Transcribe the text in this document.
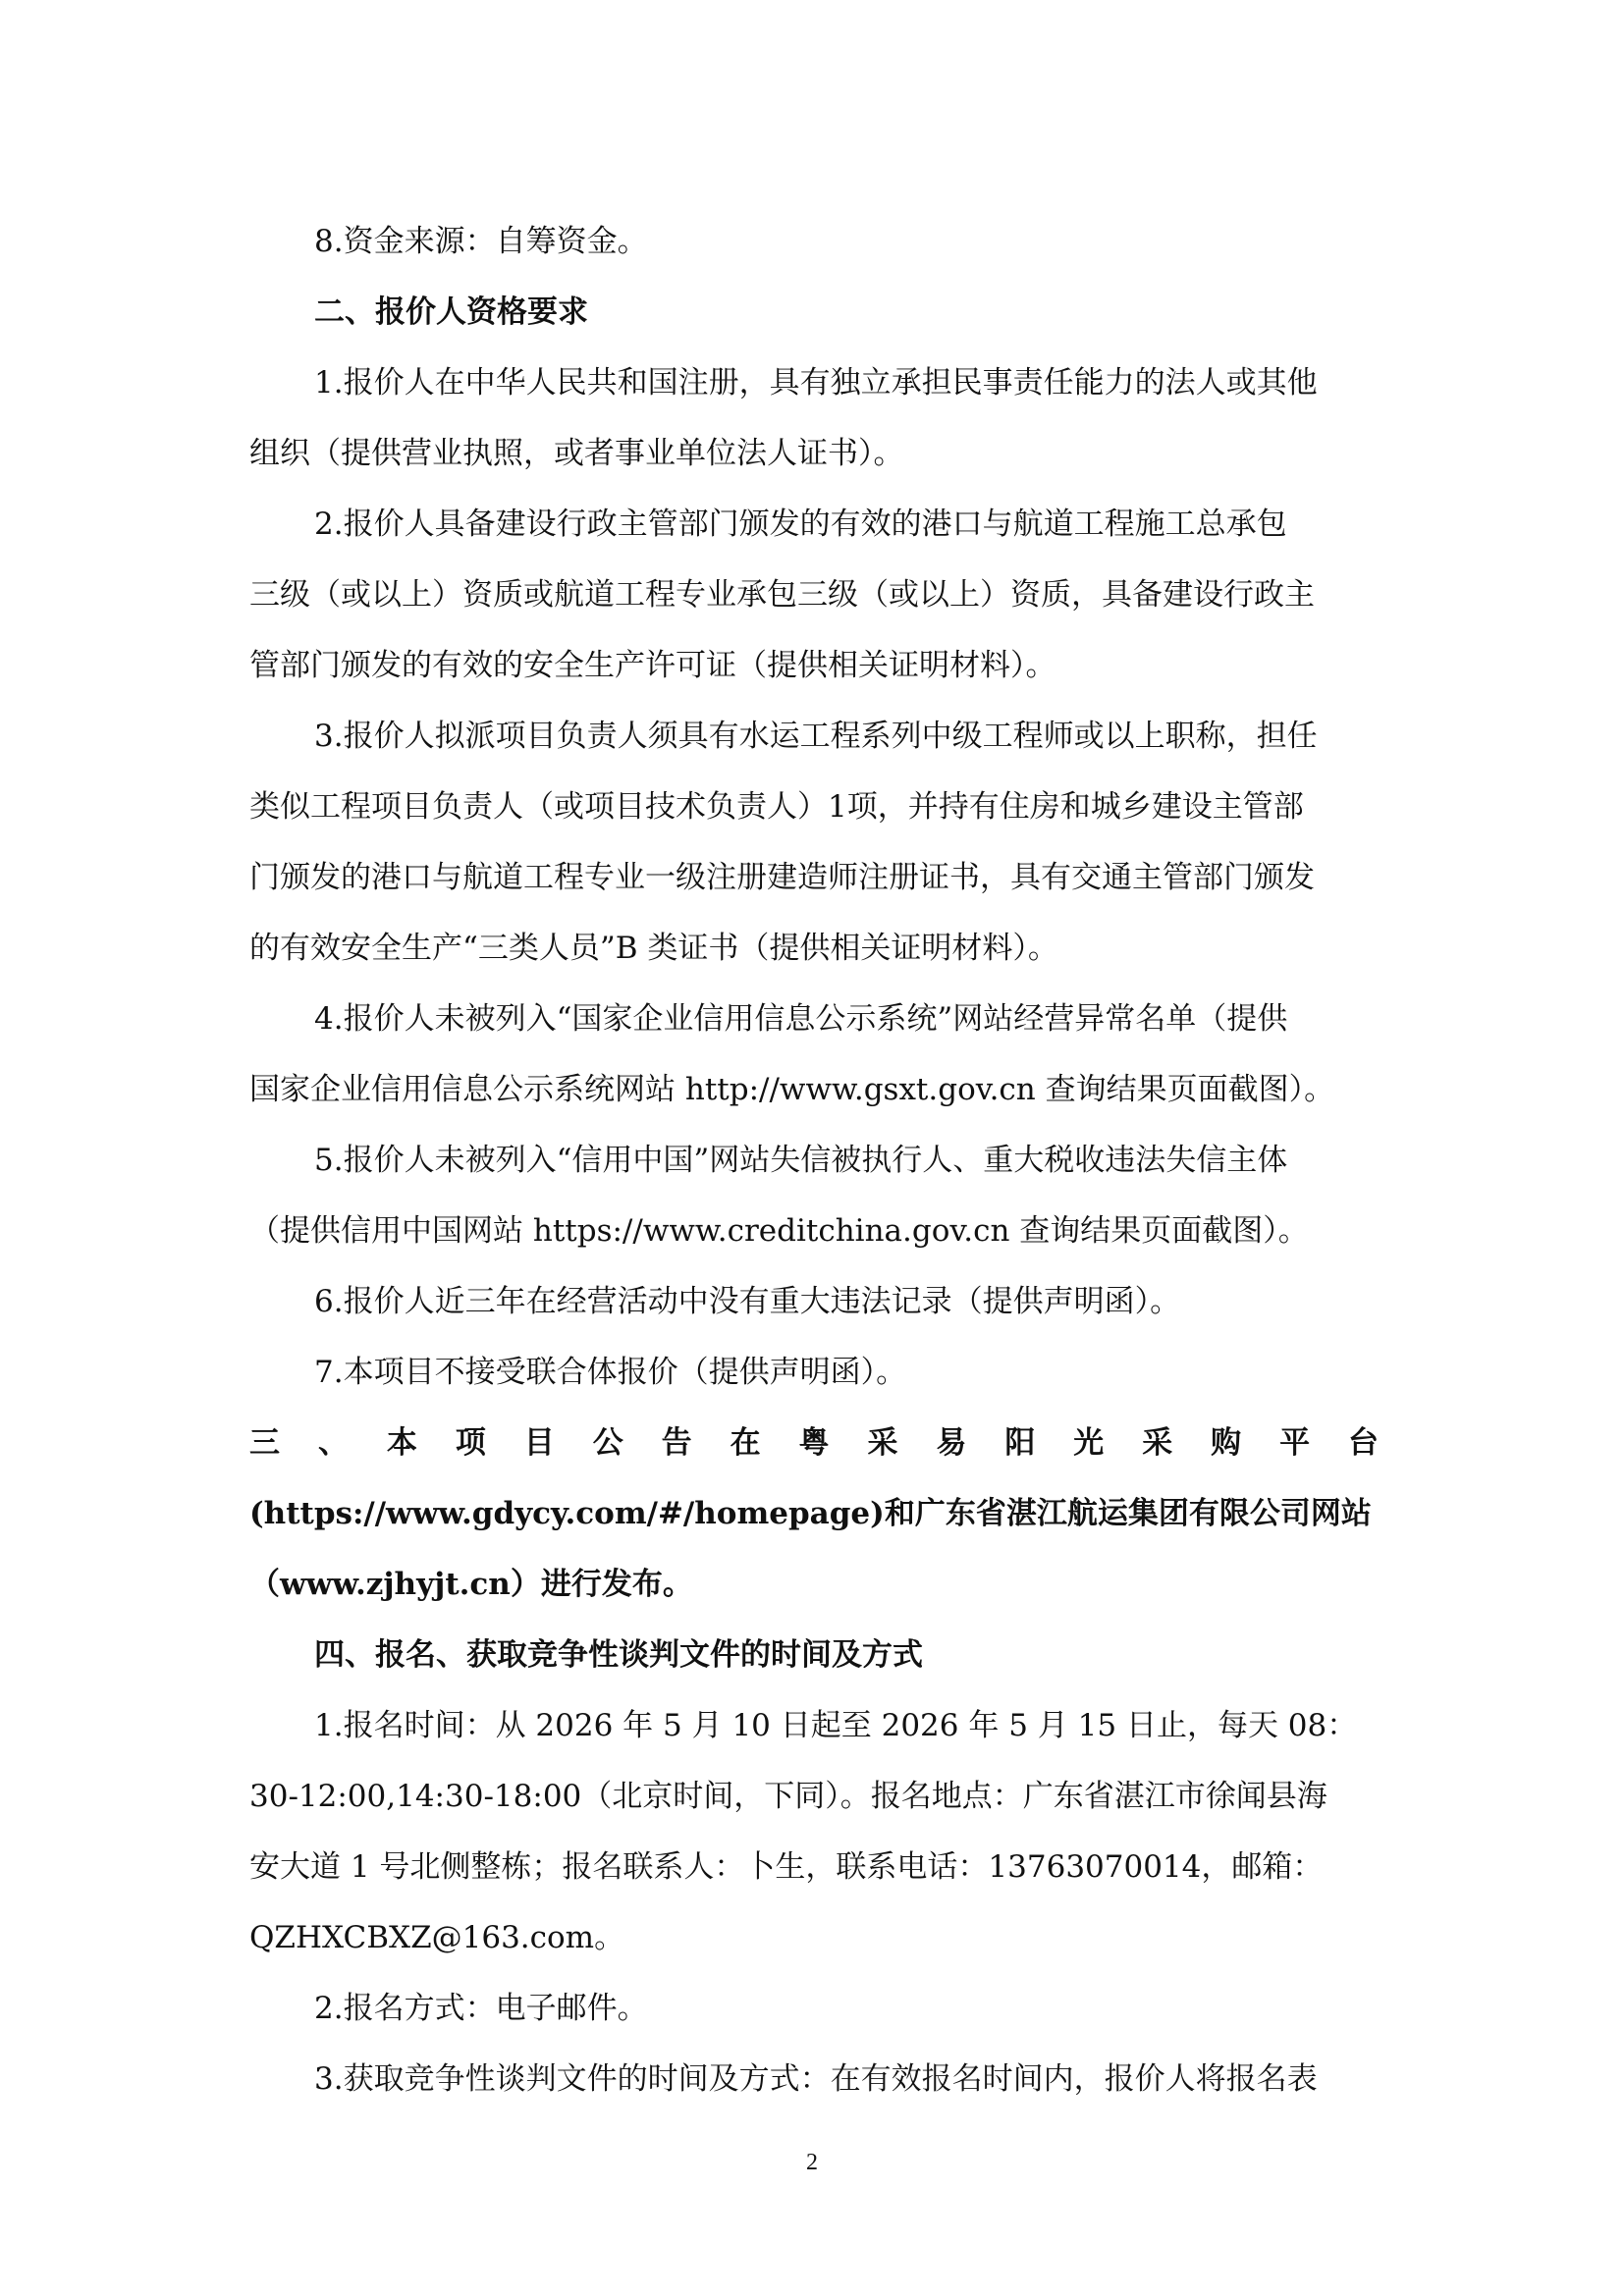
8.资金来源：自筹资金。

二、报价人资格要求

1.报价人在中华人民共和国注册，具有独立承担民事责任能力的法人或其他
组织（提供营业执照，或者事业单位法人证书）。

2.报价人具备建设行政主管部门颁发的有效的港口与航道工程施工总承包
三级（或以上）资质或航道工程专业承包三级（或以上）资质，具备建设行政主
管部门颁发的有效的安全生产许可证（提供相关证明材料）。

3.报价人拟派项目负责人须具有水运工程系列中级工程师或以上职称，担任
类似工程项目负责人（或项目技术负责人）1项，并持有住房和城乡建设主管部
门颁发的港口与航道工程专业一级注册建造师注册证书，具有交通主管部门颁发
的有效安全生产“三类人员”B 类证书（提供相关证明材料）。

4.报价人未被列入“国家企业信用信息公示系统”网站经营异常名单（提供
国家企业信用信息公示系统网站 http://www.gsxt.gov.cn 查询结果页面截图）。

5.报价人未被列入“信用中国”网站失信被执行人、重大税收违法失信主体
（提供信用中国网站 https://www.creditchina.gov.cn 查询结果页面截图）。

6.报价人近三年在经营活动中没有重大违法记录（提供声明函）。

7.本项目不接受联合体报价（提供声明函）。

三 、 本 项 目 公 告 在 粤 采 易 阳 光 采 购 平 台
(https://www.gdycy.com/#/homepage)和广东省湛江航运集团有限公司网站
（www.zjhyjt.cn）进行发布。

四、报名、获取竞争性谈判文件的时间及方式

1.报名时间：从 2026 年 5 月 10 日起至 2026 年 5 月 15 日止，每天 08：
30-12:00,14:30-18:00（北京时间，下同）。报名地点：广东省湛江市徐闻县海
安大道 1 号北侧整栋；报名联系人：卜生，联系电话：13763070014，邮箱：
QZHXCBXZ@163.com。

2.报名方式：电子邮件。

3.获取竞争性谈判文件的时间及方式：在有效报名时间内，报价人将报名表

2
